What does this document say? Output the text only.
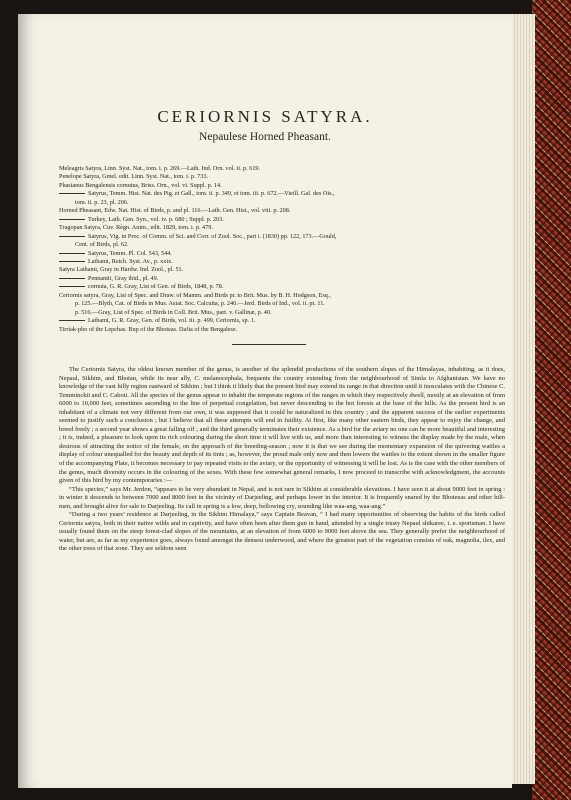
CERIORNIS SATYRA.
Nepaulese Horned Pheasant.
Meleagris Satyra, Linn. Syst. Nat., tom. i. p. 269.—Lath. Ind. Orn. vol. ii. p. 619.
Penelope Satyra, Gmel. edit. Linn. Syst. Nat., tom. i. p. 733.
Phasianus Bengalensis cornutus, Briss. Orn., vol. vi. Suppl. p. 14.
Satyrus, Temm. Hist. Nat. des Pig. et Gall., tom. ii. p. 349, et tom. iii. p. 672.—Vieill. Gal. des Ois.,
tom. ii. p. 23, pl. 206.
Horned Pheasant, Edw. Nat. Hist. of Birds, p. and pl. 116.—Lath. Gen. Hist., vol. viii. p. 208.
Turkey, Lath. Gen. Syn., vol. iv. p. 680 ; Suppl. p. 203.
Tragopan Satyra, Cuv. Règn. Anim., edit. 1829, tom. i. p. 479.
Satyrus, Vig. in Proc. of Comm. of Sci. and Corr. of Zool. Soc., part i. (1830) pp. 122, 173.—Gould,
Cent. of Birds, pl. 62.
Satyrus, Temm. Pl. Col. 543, 544.
Lathami, Reich. Syst. Av., p. xxix.
Satyra Lathami, Gray in Hardw. Ind. Zool., pl. 51.
Pennantii, Gray ibid., pl. 49.
cornuta, G. R. Gray, List of Gen. of Birds, 1848, p. 78.
Ceriornis satyra, Gray, List of Spec. and Draw. of Mamm. and Birds pr. to Brit. Mus. by B. H. Hodgson, Esq.,
p. 125.—Blyth, Cat. of Birds in Mus. Asiat. Soc. Calcutta, p. 240.—Jerd. Birds of Ind., vol. ii. pt. 11.
p. 516.—Gray, List of Spec. of Birds in Coll. Brit. Mus., part. v. Gallinæ, p. 40.
Lathami, G. R. Gray, Gen. of Birds, vol. iii. p. 499, Ceriornis, sp. 1.
Tirriak-pho of the Lepchas. Bup of the Bhoteas. Dafia of the Bengalese.

The Ceriornis Satyra, the oldest known member of the genus, is another of the splendid productions of the southern slopes of the Himalayas, inhabiting, as it does, Nepaul, Sikhim, and Bhotan, while its near ally, C. melanocephala, frequents the country extending from the neighbourhood of Simla to Afghanistan. We have no knowledge of the vast hilly region eastward of Sikhim ; but I think it likely that the present bird may extend its range in that direction until it inosculates with the Chinese C. Temminckii and C. Caboti. All the species of the genus appear to inhabit the temperate regions of the ranges in which they respectively dwell, mostly at an elevation of from 6000 to 10,000 feet, sometimes ascending to the line of perpetual congelation, but never descending to the hot forests at the base of the hills. As the present bird is an inhabitant of a climate not very different from our own, it was supposed that it could be naturalized in this country ; and the apparent success of the earlier experiments seemed to justify such a conclusion ; but I believe that all these attempts will end in futility. At first, like many other eastern birds, they appear to enjoy the change, and breed freely ; a second year shows a great falling off ; and the third generally terminates their existence. As a bird for the aviary no one can be more beautiful and interesting ; it is, indeed, a pleasure to look upon its rich colouring during the short time it will live with us, and more than interesting to witness the display made by the male, when desirous of attracting the notice of the female, on the approach of the breeding-season ; now it is that we see during the momentary expansion of the quivering wattles a display of colour unequalled for the beauty and depth of its tints ; as, however, the proud male only now and then lowers the wattles to the extent shown in the smaller figure of the accompanying Plate, it becomes necessary to pay repeated visits to the aviary, or the opportunity of witnessing it will be lost. As is the case with the other members of the genus, much diversity occurs in the colouring of the sexes. With these few somewhat general remarks, I now proceed to transcribe with acknowledgment, the accounts given of this bird by my contemporaries :—

“This species,” says Mr. Jerdon, “appears to be very abundant in Nepal, and is not rare in Sikhim at considerable elevations. I have seen it at about 9000 feet in spring : in winter it descends to between 7000 and 8000 feet in the vicinity of Darjeeling, and perhaps lower in the interior. It is frequently snared by the Bhoteeas and other hill-men, and brought alive for sale to Darjeeling. Its call in spring is a low, deep, bellowing cry, sounding like waa-ang, waa-ang.”

“During a two years’ residence at Darjeeling, in the Sikhim Himalaya,” says Captain Beavan, “ I had many opportunities of observing the habits of the birds called Ceriornis satyra, both in their native wilds and in captivity, and have often been after them gun in hand, attended by a single trusty Nepaul shikaree, i. e. sportsman. I have usually found them on the steep forest-clad slopes of the mountains, at an elevation of from 6000 to 9000 feet above the sea. They generally prefer the neighbourhood of water, but are, as far as my experience goes, always found amongst the densest underwood, and where the greatest part of the vegetation consists of oak, magnolia, ilex, and the other trees of that zone. They are seldom seen
